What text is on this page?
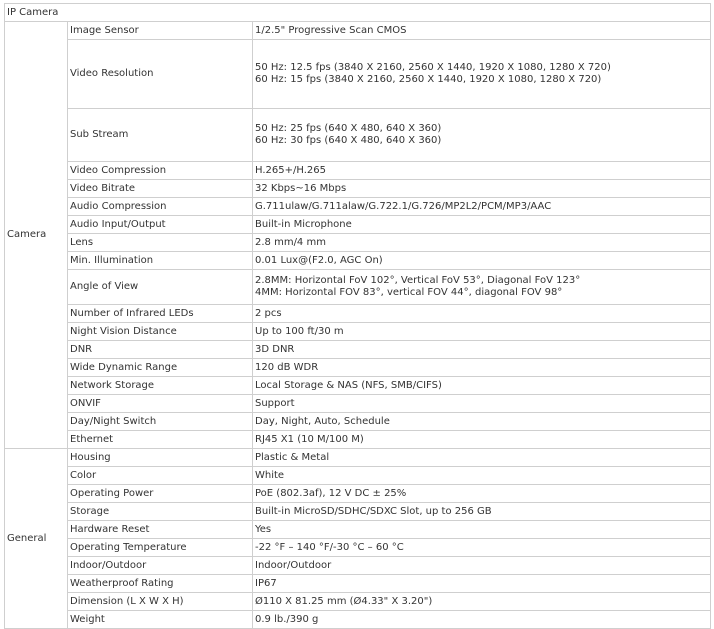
IP Camera		
Camera	Image Sensor	1/2.5" Progressive Scan CMOS

	Video Resolution	50 Hz: 12.5 fps (3840 X 2160, 2560 X 1440, 1920 X 1080, 1280 X 720)
60 Hz: 15 fps (3840 X 2160, 2560 X 1440, 1920 X 1080, 1280 X 720)

	Sub Stream	50 Hz: 25 fps (640 X 480, 640 X 360)
60 Hz: 30 fps (640 X 480, 640 X 360)

	Video Compression	H.265+/H.265

	Video Bitrate	32 Kbps~16 Mbps

	Audio Compression	G.711ulaw/G.711alaw/G.722.1/G.726/MP2L2/PCM/MP3/AAC

	Audio Input/Output	Built-in Microphone

	Lens	2.8 mm/4 mm

	Min. Illumination	0.01 Lux@(F2.0, AGC On)

	Angle of View	2.8MM: Horizontal FoV 102°, Vertical FoV 53°, Diagonal FoV 123°
4MM: Horizontal FOV 83°, vertical FOV 44°, diagonal FOV 98°

	Number of Infrared LEDs	2 pcs

	Night Vision Distance	Up to 100 ft/30 m

	DNR	3D DNR

	Wide Dynamic Range	120 dB WDR

	Network Storage	Local Storage & NAS (NFS, SMB/CIFS)

	ONVIF	Support

	Day/Night Switch	Day, Night, Auto, Schedule

	Ethernet	RJ45 X1 (10 M/100 M)

General	Housing	Plastic & Metal

	Color	White

	Operating Power	PoE (802.3af), 12 V DC ± 25%

	Storage	Built-in MicroSD/SDHC/SDXC Slot, up to 256 GB

	Hardware Reset	Yes

	Operating Temperature	-22 °F – 140 °F/-30 °C – 60 °C

	Indoor/Outdoor	Indoor/Outdoor

	Weatherproof Rating	IP67

	Dimension (L X W X H)	Ø110 X 81.25 mm (Ø4.33" X 3.20")

	Weight	0.9 lb./390 g
